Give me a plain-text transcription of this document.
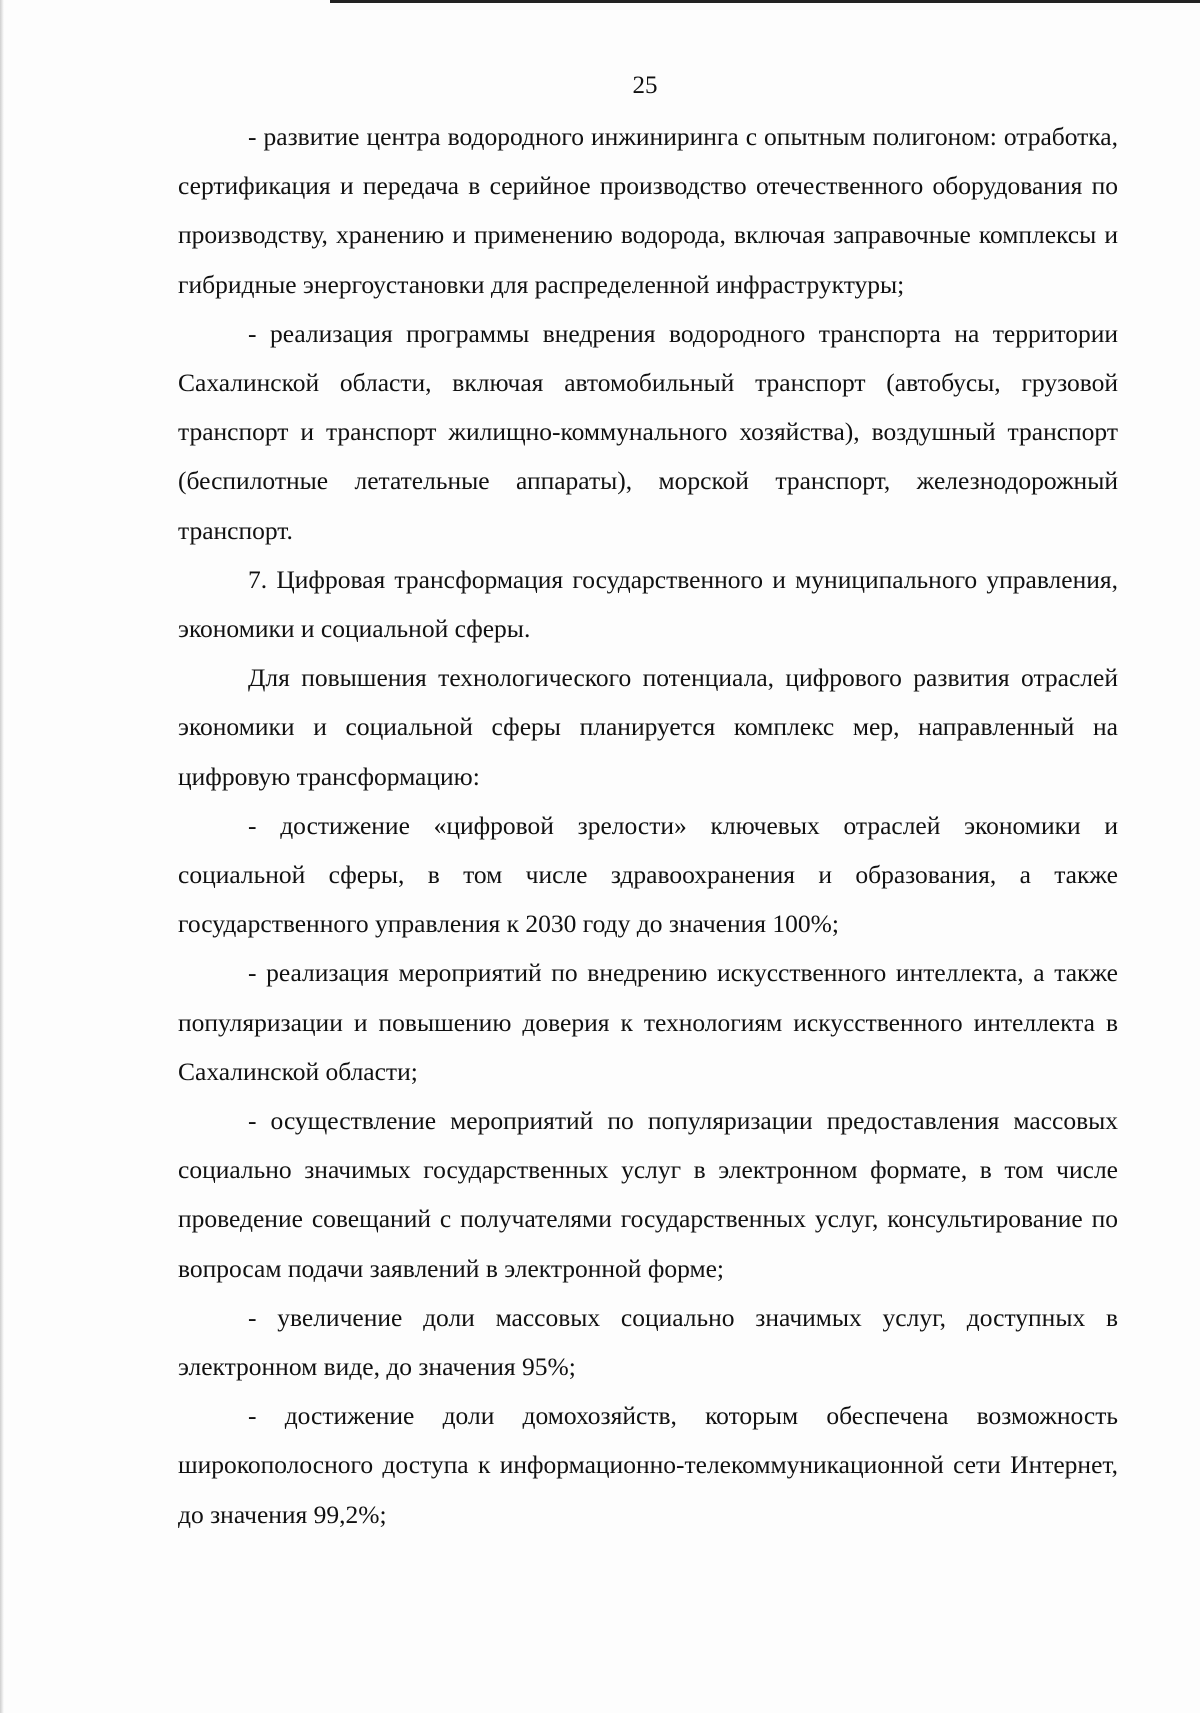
25

- развитие центра водородного инжиниринга с опытным полигоном: отработка, сертификация и передача в серийное производство отечественного оборудования по производству, хранению и применению водорода, включая заправочные комплексы и гибридные энергоустановки для распределенной инфраструктуры;

- реализация программы внедрения водородного транспорта на территории Сахалинской области, включая автомобильный транспорт (автобусы, грузовой транспорт и транспорт жилищно-коммунального хозяйства), воздушный транспорт (беспилотные летательные аппараты), морской транспорт, железнодорожный транспорт.

7. Цифровая трансформация государственного и муниципального управления, экономики и социальной сферы.

Для повышения технологического потенциала, цифрового развития отраслей экономики и социальной сферы планируется комплекс мер, направленный на цифровую трансформацию:

- достижение «цифровой зрелости» ключевых отраслей экономики и социальной сферы, в том числе здравоохранения и образования, а также государственного управления к 2030 году до значения 100%;

- реализация мероприятий по внедрению искусственного интеллекта, а также популяризации и повышению доверия к технологиям искусственного интеллекта в Сахалинской области;

- осуществление мероприятий по популяризации предоставления массовых социально значимых государственных услуг в электронном формате, в том числе проведение совещаний с получателями государственных услуг, консультирование по вопросам подачи заявлений в электронной форме;

- увеличение доли массовых социально значимых услуг, доступных в электронном виде, до значения 95%;

- достижение доли домохозяйств, которым обеспечена возможность широкополосного доступа к информационно-телекоммуникационной сети Интернет, до значения 99,2%;
